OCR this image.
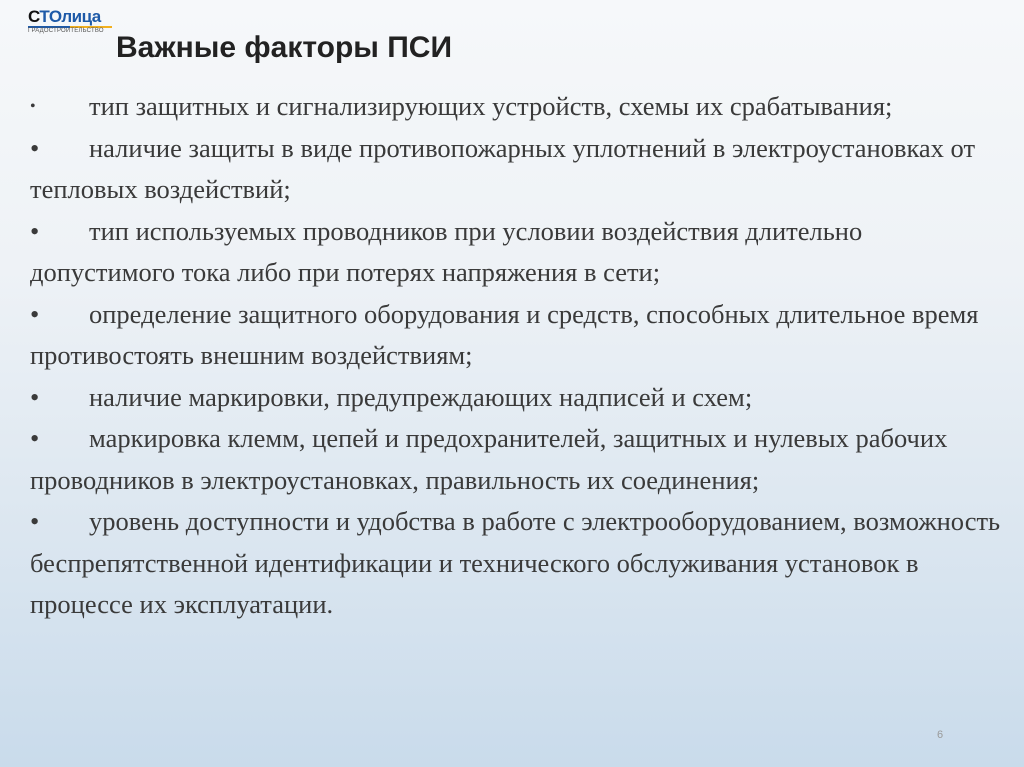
СТОлица
ГРАДОСТРОИТЕЛЬСТВО Важные факторы ПСИ

• тип защитных и сигнализирующих устройств, схемы их срабатывания;

• наличие защиты в виде противопожарных уплотнений в электроустановках от тепловых воздействий;

• тип используемых проводников при условии воздействия длительно допустимого тока либо при потерях напряжения в сети;

• определение защитного оборудования и средств, способных длительное время противостоять внешним воздействиям;

• наличие маркировки, предупреждающих надписей и схем;

• маркировка клемм, цепей и предохранителей, защитных и нулевых рабочих проводников в электроустановках, правильность их соединения;

• уровень доступности и удобства в работе с электрооборудованием, возможность беспрепятственной идентификации и технического обслуживания установок в процессе их эксплуатации.

6
